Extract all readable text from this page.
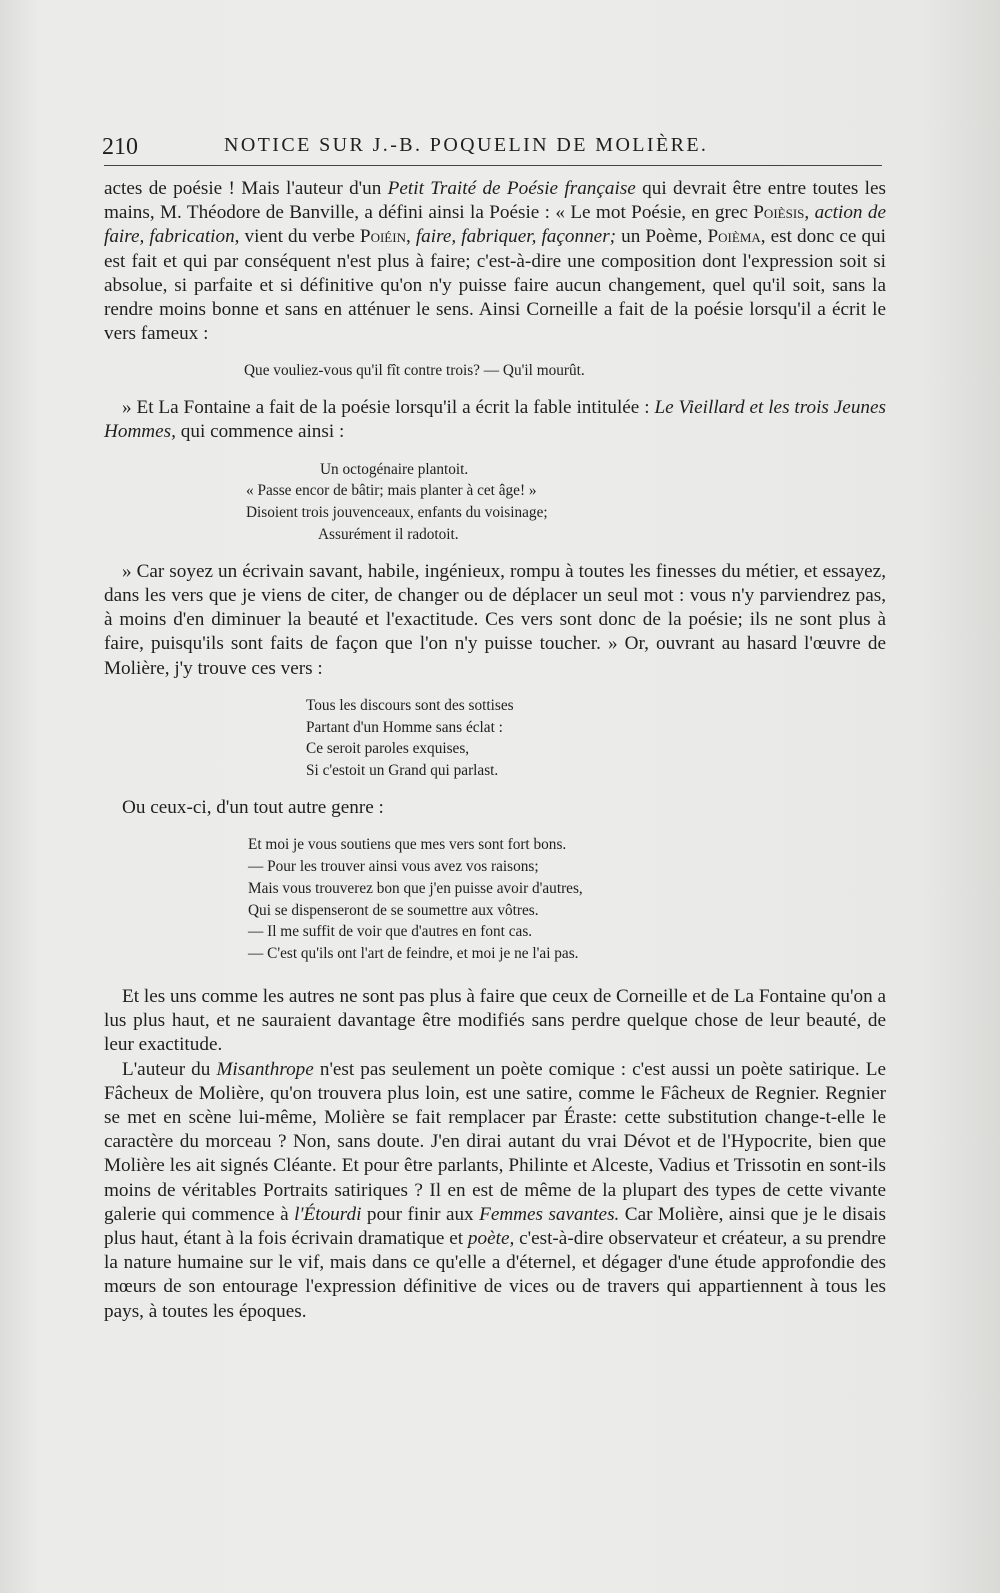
210	NOTICE SUR J.-B. POQUELIN DE MOLIÈRE.

actes de poésie ! Mais l'auteur d'un Petit Traité de Poésie française qui devrait être entre toutes les mains, M. Théodore de Banville, a défini ainsi la Poésie : « Le mot Poésie, en grec Poièsis, action de faire, fabrication, vient du verbe Poiéin, faire, fabriquer, façonner; un Poème, Poièma, est donc ce qui est fait et qui par conséquent n'est plus à faire; c'est-à-dire une composition dont l'expression soit si absolue, si parfaite et si définitive qu'on n'y puisse faire aucun changement, quel qu'il soit, sans la rendre moins bonne et sans en atténuer le sens. Ainsi Corneille a fait de la poésie lorsqu'il a écrit le vers fameux :

Que vouliez-vous qu'il fît contre trois? — Qu'il mourût.

» Et La Fontaine a fait de la poésie lorsqu'il a écrit la fable intitulée : Le Vieillard et les trois Jeunes Hommes, qui commence ainsi :

Un octogénaire plantoit.
« Passe encor de bâtir; mais planter à cet âge! »
Disoient trois jouvenceaux, enfants du voisinage;
Assurément il radotoit.

» Car soyez un écrivain savant, habile, ingénieux, rompu à toutes les finesses du métier, et essayez, dans les vers que je viens de citer, de changer ou de déplacer un seul mot : vous n'y parviendrez pas, à moins d'en diminuer la beauté et l'exactitude. Ces vers sont donc de la poésie; ils ne sont plus à faire, puisqu'ils sont faits de façon que l'on n'y puisse toucher. » Or, ouvrant au hasard l'œuvre de Molière, j'y trouve ces vers :

Tous les discours sont des sottises
Partant d'un Homme sans éclat :
Ce seroit paroles exquises,
Si c'estoit un Grand qui parlast.

Ou ceux-ci, d'un tout autre genre :

Et moi je vous soutiens que mes vers sont fort bons.
— Pour les trouver ainsi vous avez vos raisons;
Mais vous trouverez bon que j'en puisse avoir d'autres,
Qui se dispenseront de se soumettre aux vôtres.
— Il me suffit de voir que d'autres en font cas.
— C'est qu'ils ont l'art de feindre, et moi je ne l'ai pas.

Et les uns comme les autres ne sont pas plus à faire que ceux de Corneille et de La Fontaine qu'on a lus plus haut, et ne sauraient davantage être modifiés sans perdre quelque chose de leur beauté, de leur exactitude.

L'auteur du Misanthrope n'est pas seulement un poète comique : c'est aussi un poète satirique. Le Fâcheux de Molière, qu'on trouvera plus loin, est une satire, comme le Fâcheux de Regnier. Regnier se met en scène lui-même, Molière se fait remplacer par Éraste: cette substitution change-t-elle le caractère du morceau ? Non, sans doute. J'en dirai autant du vrai Dévot et de l'Hypocrite, bien que Molière les ait signés Cléante. Et pour être parlants, Philinte et Alceste, Vadius et Trissotin en sont-ils moins de véritables Portraits satiriques ? Il en est de même de la plupart des types de cette vivante galerie qui commence à l'Étourdi pour finir aux Femmes savantes. Car Molière, ainsi que je le disais plus haut, étant à la fois écrivain dramatique et poète, c'est-à-dire observateur et créateur, a su prendre la nature humaine sur le vif, mais dans ce qu'elle a d'éternel, et dégager d'une étude approfondie des mœurs de son entourage l'expression définitive de vices ou de travers qui appartiennent à tous les pays, à toutes les époques.
